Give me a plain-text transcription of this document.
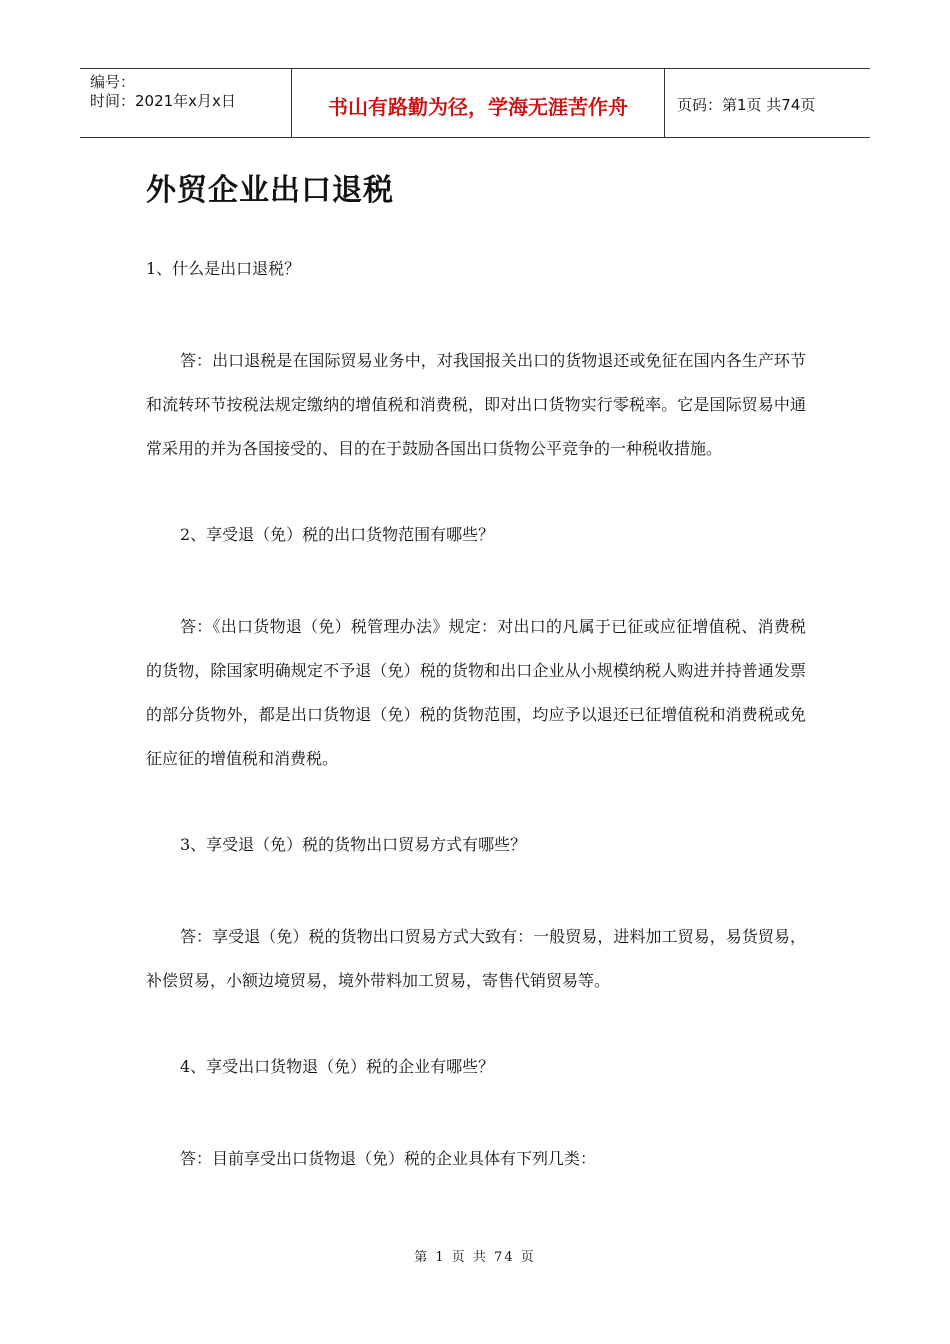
编号：
时间：2021年x月x日	书山有路勤为径，学海无涯苦作舟	页码：第1页 共74页
外贸企业出口退税

1、什么是出口退税？

答：出口退税是在国际贸易业务中，对我国报关出口的货物退还或免征在国内各生产环节和流转环节按税法规定缴纳的增值税和消费税，即对出口货物实行零税率。它是国际贸易中通常采用的并为各国接受的、目的在于鼓励各国出口货物公平竞争的一种税收措施。

2、享受退（免）税的出口货物范围有哪些？

答：《出口货物退（免）税管理办法》规定：对出口的凡属于已征或应征增值税、消费税的货物，除国家明确规定不予退（免）税的货物和出口企业从小规模纳税人购进并持普通发票的部分货物外，都是出口货物退（免）税的货物范围，均应予以退还已征增值税和消费税或免征应征的增值税和消费税。

3、享受退（免）税的货物出口贸易方式有哪些？

答：享受退（免）税的货物出口贸易方式大致有：一般贸易，进料加工贸易，易货贸易，补偿贸易，小额边境贸易，境外带料加工贸易，寄售代销贸易等。

4、享受出口货物退（免）税的企业有哪些？

答：目前享受出口货物退（免）税的企业具体有下列几类：

第 1 页 共 74 页
